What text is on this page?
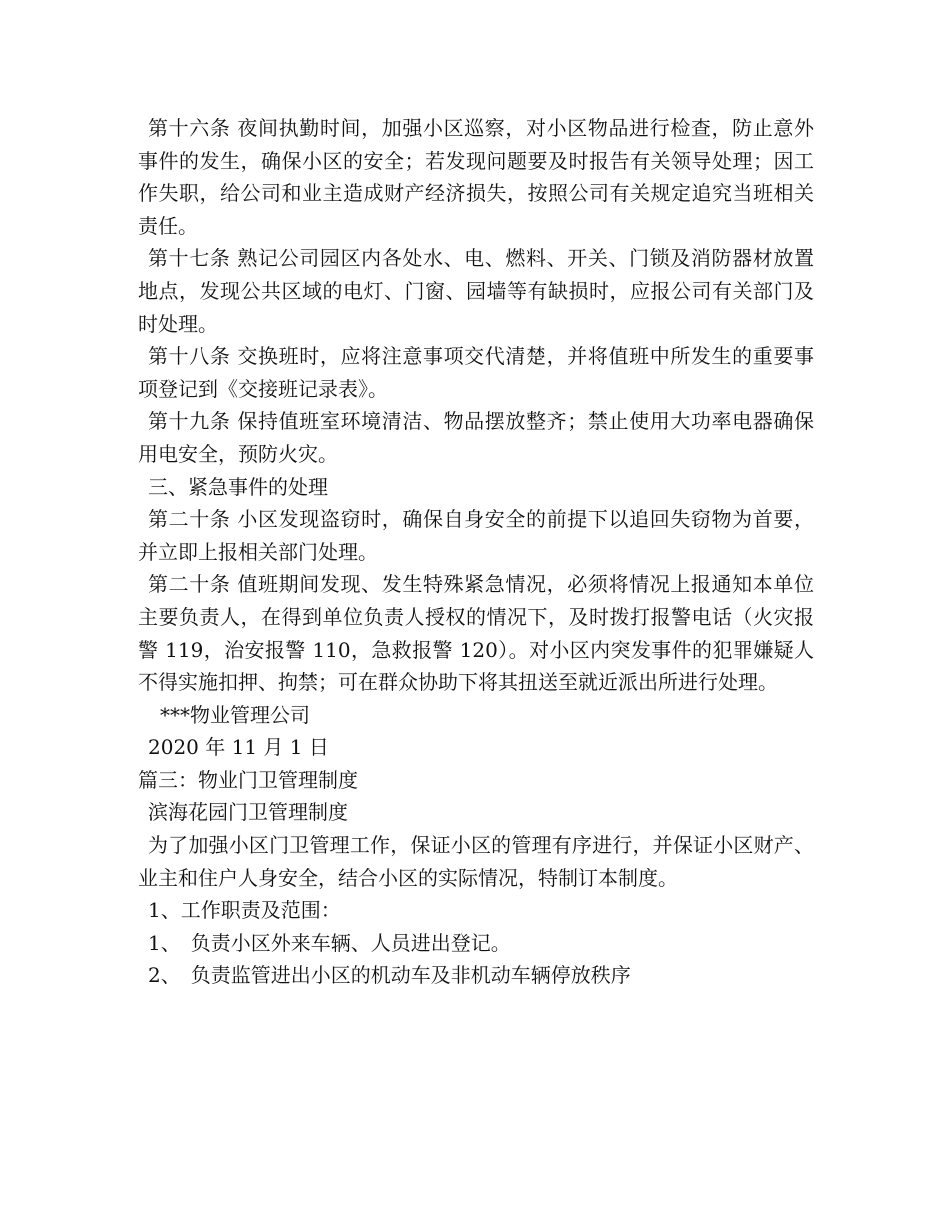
第十六条 夜间执勤时间，加强小区巡察，对小区物品进行检查，防止意外事件的发生，确保小区的安全；若发现问题要及时报告有关领导处理；因工作失职，给公司和业主造成财产经济损失，按照公司有关规定追究当班相关责任。

第十七条 熟记公司园区内各处水、电、燃料、开关、门锁及消防器材放置地点，发现公共区域的电灯、门窗、园墙等有缺损时，应报公司有关部门及时处理。

第十八条 交换班时，应将注意事项交代清楚，并将值班中所发生的重要事项登记到《交接班记录表》。

第十九条 保持值班室环境清洁、物品摆放整齐；禁止使用大功率电器确保用电安全，预防火灾。

三、紧急事件的处理

第二十条 小区发现盗窃时，确保自身安全的前提下以追回失窃物为首要，并立即上报相关部门处理。

第二十条 值班期间发现、发生特殊紧急情况，必须将情况上报通知本单位主要负责人，在得到单位负责人授权的情况下，及时拨打报警电话（火灾报警 119，治安报警 110，急救报警 120）。对小区内突发事件的犯罪嫌疑人不得实施扣押、拘禁；可在群众协助下将其扭送至就近派出所进行处理。

***物业管理公司

2020 年 11 月 1 日

篇三：物业门卫管理制度

滨海花园门卫管理制度

为了加强小区门卫管理工作，保证小区的管理有序进行，并保证小区财产、业主和住户人身安全，结合小区的实际情况，特制订本制度。

1、工作职责及范围：

1、　负责小区外来车辆、人员进出登记。

2、　负责监管进出小区的机动车及非机动车辆停放秩序
